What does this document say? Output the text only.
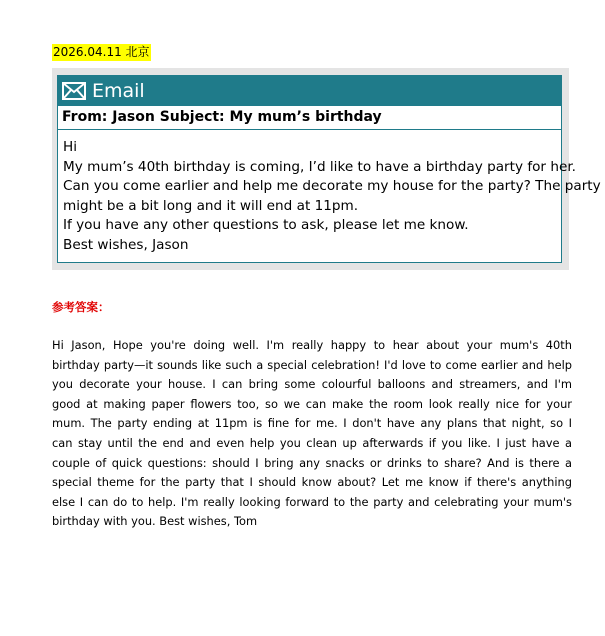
2026.04.11 北京
Email
From: Jason Subject: My mum’s birthday
Hi
My mum’s 40th birthday is coming, I’d like to have a birthday party for her.
Can you come earlier and help me decorate my house for the party? The party
might be a bit long and it will end at 11pm.
If you have any other questions to ask, please let me know.
Best wishes, Jason
参考答案：
Hi Jason, Hope you're doing well. I'm really happy to hear about your mum's 40th
birthday party—it sounds like such a special celebration! I'd love to come earlier and help
you decorate your house. I can bring some colourful balloons and streamers, and I'm
good at making paper flowers too, so we can make the room look really nice for your
mum. The party ending at 11pm is fine for me. I don't have any plans that night, so I
can stay until the end and even help you clean up afterwards if you like. I just have a
couple of quick questions: should I bring any snacks or drinks to share? And is there a
special theme for the party that I should know about? Let me know if there's anything
else I can do to help. I'm really looking forward to the party and celebrating your mum's
birthday with you. Best wishes, Tom
